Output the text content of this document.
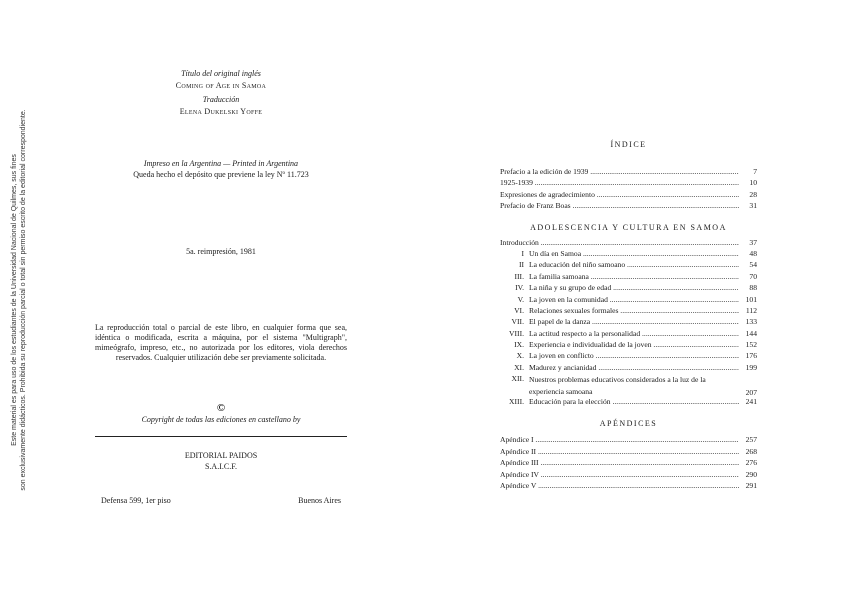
Este material es para uso de los estudiantes de la Universidad Nacional de Quilmes, sus fines son exclusivamente didácticos. Prohibida su reproducción parcial o total sin permiso escrito de la editorial correspondiente.
Título del original inglés
Coming of Age in Samoa
Traducción
Elena Dukelski Yoffe
Impreso en la Argentina — Printed in Argentina
Queda hecho el depósito que previene la ley Nº 11.723
5a. reimpresión, 1981
La reproducción total o parcial de este libro, en cualquier forma que sea, idéntica o modificada, escrita a máquina, por el sistema "Multigraph", mimeógrafo, impreso, etc., no autorizada por los editores, viola derechos reservados. Cualquier utilización debe ser previamente solicitada.
©
Copyright de todas las ediciones en castellano by
EDITORIAL PAIDOS
S.A.I.C.F.
Defensa 599, 1er piso	Buenos Aires
ÍNDICE
Prefacio a la edición de 1939 .....	7
1925-1939 .....	10
Expresiones de agradecimiento .....	28
Prefacio de Franz Boas .....	31
ADOLESCENCIA Y CULTURA EN SAMOA
Introducción .....	37
I Un día en Samoa .....	48
II La educación del niño samoano .....	54
III. La familia samoana .....	70
IV. La niña y su grupo de edad .....	88
V. La joven en la comunidad .....	101
VI. Relaciones sexuales formales .....	112
VII. El papel de la danza .....	133
VIII. La actitud respecto a la personalidad .....	144
IX. Experiencia e individualidad de la joven .....	152
X. La joven en conflicto .....	176
XI. Madurez y ancianidad .....	199
XII. Nuestros problemas educativos considerados a la luz de la experiencia samoana	207
XIII. Educación para la elección .....	241
APÉNDICES
Apéndice I .....	257
Apéndice II .....	268
Apéndice III .....	276
Apéndice IV .....	290
Apéndice V .....	291
